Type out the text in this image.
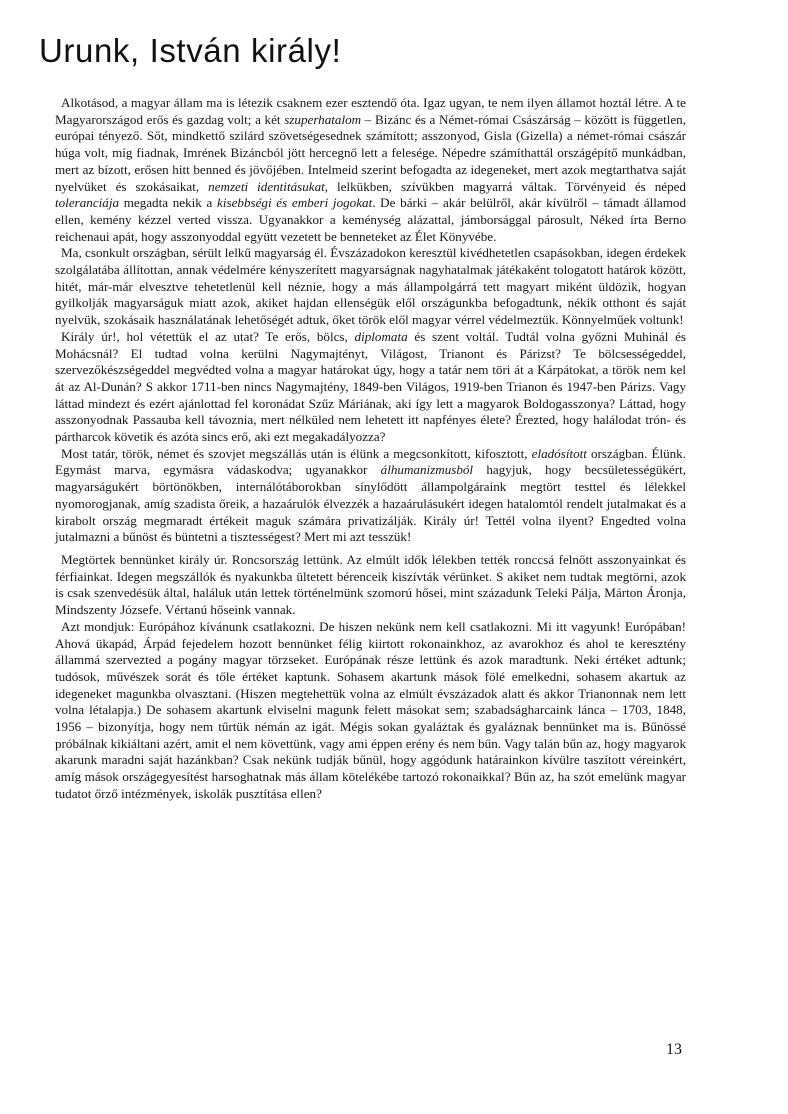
Urunk, István király!

Alkotásod, a magyar állam ma is létezik csaknem ezer esztendő óta. Igaz ugyan, te nem ilyen államot hoztál létre. A te Magyarországod erős és gazdag volt; a két szuperhatalom – Bizánc és a Német-római Császárság – között is független, európai tényező. Sőt, mindkettő szilárd szövetségesednek számított; asszonyod, Gisla (Gizella) a német-római császár húga volt, míg fiadnak, Imrének Bizáncból jött hercegnő lett a felesége. Népedre számíthattál országépítő munkádban, mert az bízott, erősen hitt benned és jövőjében. Intelmeid szerint befogadta az idegeneket, mert azok megtarthatva saját nyelvüket és szokásaikat, nemzeti identitásukat, lelkükben, szívükben magyarrá váltak. Törvényeid és néped toleranciája megadta nekik a kisebbségi és emberi jogokat. De bárki – akár belülről, akár kívülről – támadt államod ellen, kemény kézzel verted vissza. Ugyanakkor a keménység alázattal, jámborsággal párosult, Néked írta Berno reichenaui apát, hogy asszonyoddal együtt vezetett be benneteket az Élet Könyvébe.

Ma, csonkult országban, sérült lelkű magyarság él. Évszázadokon keresztül kivédhetetlen csapásokban, idegen érdekek szolgálatába állítottan, annak védelmére kényszerített magyarságnak nagyhatalmak játékaként tologatott határok között, hitét, már-már elvesztve tehetetlenül kell néznie, hogy a más állampolgárrá tett magyart miként üldözik, hogyan gyilkolják magyarságuk miatt azok, akiket hajdan ellenségük elől országunkba befogadtunk, nékik otthont és saját nyelvük, szokásaik használatának lehetőségét adtuk, őket török elől magyar vérrel védelmeztük. Könnyelműek voltunk!

Király úr!, hol vétettük el az utat? Te erős, bölcs, diplomata és szent voltál. Tudtál volna győzni Muhinál és Mohácsnál? El tudtad volna kerülni Nagymajtényt, Világost, Trianont és Párizst? Te bölcsességeddel, szervezőkészségeddel megvédted volna a magyar határokat úgy, hogy a tatár nem töri át a Kárpátokat, a török nem kel át az Al-Dunán? S akkor 1711-ben nincs Nagymajtény, 1849-ben Világos, 1919-ben Trianon és 1947-ben Párizs. Vagy láttad mindezt és ezért ajánlottad fel koronádat Szűz Máriának, aki így lett a magyarok Boldogasszonya? Láttad, hogy asszonyodnak Passauba kell távoznia, mert nélküled nem lehetett itt napfényes élete? Érezted, hogy halálodat trón- és pártharcok követik és azóta sincs erő, aki ezt megakadályozza?

Most tatár, török, német és szovjet megszállás után is élünk a megcsonkított, kifosztott, eladósított országban. Élünk. Egymást marva, egymásra vádaskodva; ugyanakkor álhumanizmusból hagyjuk, hogy becsületességükért, magyarságukért börtönökben, internálótáborokban sínylődött állampolgáraink megtört testtel és lélekkel nyomorogjanak, amíg szadista őreik, a hazaárulók élvezzék a hazaárulásukért idegen hatalomtól rendelt jutalmakat és a kirabolt ország megmaradt értékeit maguk számára privatizálják. Király úr! Tettél volna ilyent? Engedted volna jutalmazni a bűnöst és büntetni a tisztességest? Mert mi azt tesszük!

Megtörtek bennünket király úr. Roncsország lettünk. Az elmúlt idők lélekben tették ronccsá felnőtt asszonyainkat és férfiainkat. Idegen megszállók és nyakunkba ültetett bérenceik kiszívták vérünket. S akiket nem tudtak megtörni, azok is csak szenvedésük által, haláluk után lettek történelmünk szomorú hősei, mint századunk Teleki Pálja, Márton Áronja, Mindszenty Józsefe. Vértanú hőseink vannak.

Azt mondjuk: Európához kívánunk csatlakozni. De hiszen nekünk nem kell csatlakozni. Mi itt vagyunk! Európában! Ahová ükapád, Árpád fejedelem hozott bennünket félig kiirtott rokonainkhoz, az avarokhoz és ahol te keresztény állammá szervezted a pogány magyar törzseket. Európának része lettünk és azok maradtunk. Neki értéket adtunk; tudósok, művészek sorát és tőle értéket kaptunk. Sohasem akartunk mások fölé emelkedni, sohasem akartuk az idegeneket magunkba olvasztani. (Hiszen megtehettük volna az elmúlt évszázadok alatt és akkor Trianonnak nem lett volna létalapja.) De sohasem akartunk elviselni magunk felett másokat sem; szabadságharcaink lánca – 1703, 1848, 1956 – bizonyítja, hogy nem tűrtük némán az igát. Mégis sokan gyaláztak és gyaláznak bennünket ma is. Bűnössé próbálnak kikiáltani azért, amit el nem követtünk, vagy ami éppen erény és nem bűn. Vagy talán bűn az, hogy magyarok akarunk maradni saját hazánkban? Csak nekünk tudják bűnül, hogy aggódunk határainkon kívülre taszított véreinkért, amíg mások országegyesítést harsoghatnak más állam kötelékébe tartozó rokonaikkal? Bűn az, ha szót emelünk magyar tudatot őrző intézmények, iskolák pusztítása ellen?

13
